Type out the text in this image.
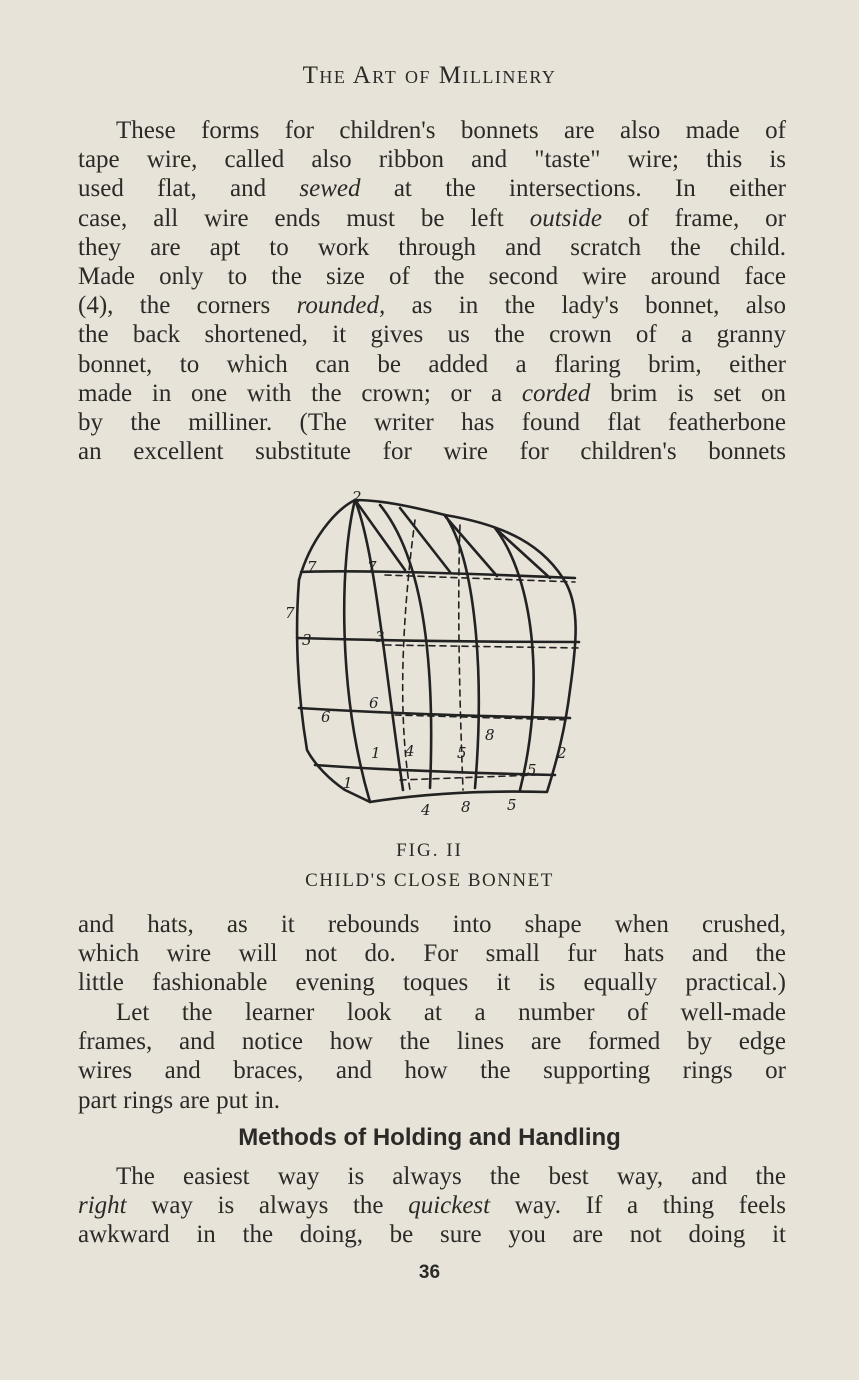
The Art of Millinery
These forms for children's bonnets are also made of
tape wire, called also ribbon and "taste" wire; this is
used flat, and sewed at the intersections. In either
case, all wire ends must be left outside of frame, or
they are apt to work through and scratch the child.
Made only to the size of the second wire around face
(4), the corners rounded, as in the lady's bonnet, also
the back shortened, it gives us the crown of a granny
bonnet, to which can be added a flaring brim, either
made in one with the crown; or a corded brim is set on
by the milliner. (The writer has found flat featherbone
an excellent substitute for wire for children's bonnets
2
7	7
7
3	3
6
6
1
1 4	5
8
2
5
4 8 5
FIG. II
CHILD'S CLOSE BONNET
and hats, as it rebounds into shape when crushed,
which wire will not do. For small fur hats and the
little fashionable evening toques it is equally practical.)
Let the learner look at a number of well-made
frames, and notice how the lines are formed by edge
wires and braces, and how the supporting rings or
part rings are put in.
Methods of Holding and Handling
The easiest way is always the best way, and the
right way is always the quickest way. If a thing feels
awkward in the doing, be sure you are not doing it
36
